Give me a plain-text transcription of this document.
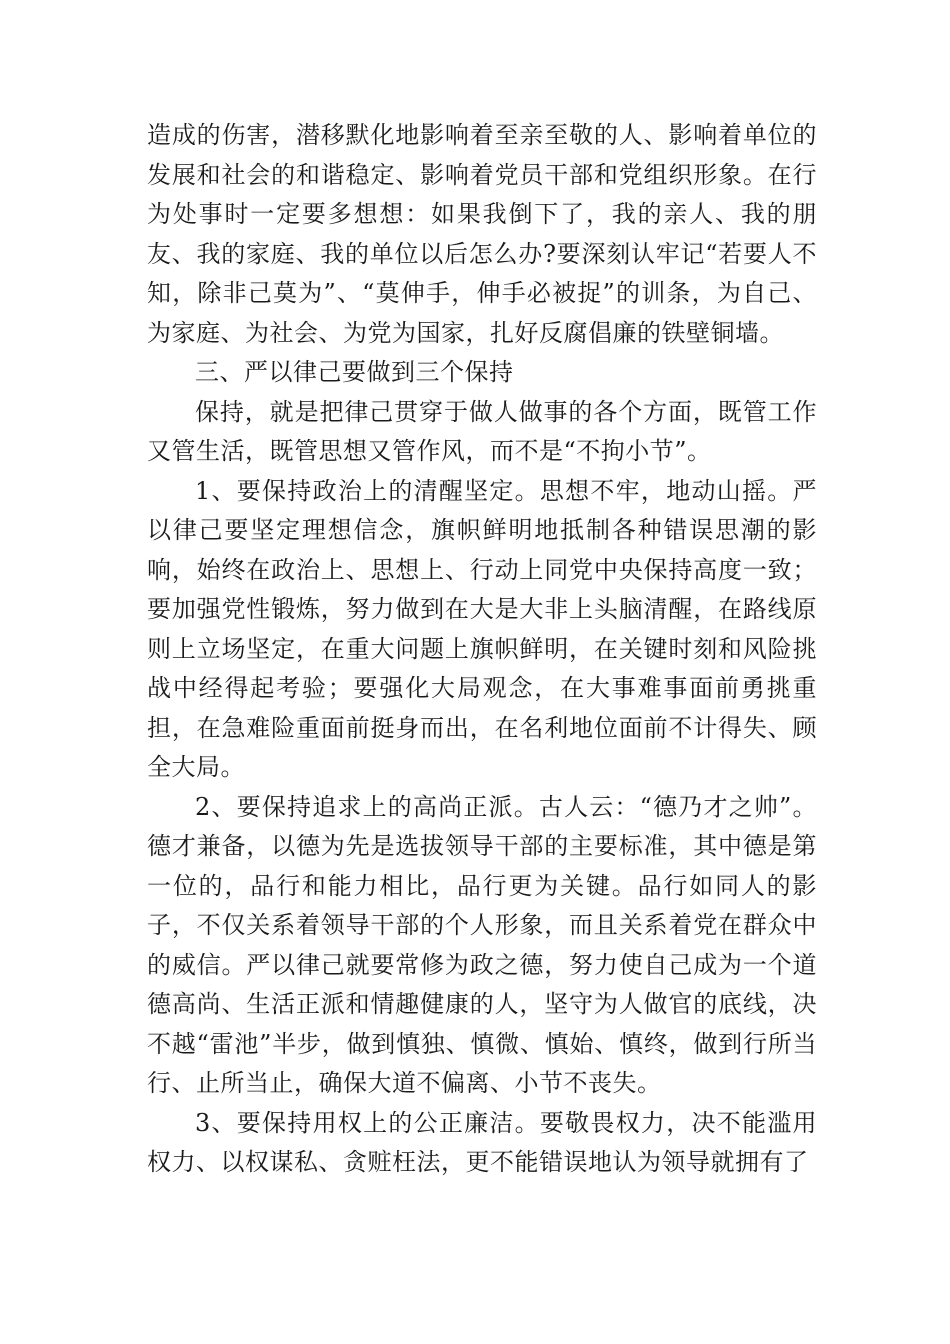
造成的伤害，潜移默化地影响着至亲至敬的人、影响着单位的发展和社会的和谐稳定、影响着党员干部和党组织形象。在行为处事时一定要多想想：如果我倒下了，我的亲人、我的朋友、我的家庭、我的单位以后怎么办?要深刻认牢记“若要人不知，除非己莫为”、“莫伸手，伸手必被捉”的训条，为自己、为家庭、为社会、为党为国家，扎好反腐倡廉的铁壁铜墙。

三、严以律己要做到三个保持

保持，就是把律己贯穿于做人做事的各个方面，既管工作又管生活，既管思想又管作风，而不是“不拘小节”。

1、要保持政治上的清醒坚定。思想不牢，地动山摇。严以律己要坚定理想信念，旗帜鲜明地抵制各种错误思潮的影响，始终在政治上、思想上、行动上同党中央保持高度一致；要加强党性锻炼，努力做到在大是大非上头脑清醒，在路线原则上立场坚定，在重大问题上旗帜鲜明，在关键时刻和风险挑战中经得起考验；要强化大局观念，在大事难事面前勇挑重担，在急难险重面前挺身而出，在名利地位面前不计得失、顾全大局。

2、要保持追求上的高尚正派。古人云：“德乃才之帅”。德才兼备，以德为先是选拔领导干部的主要标准，其中德是第一位的，品行和能力相比，品行更为关键。品行如同人的影子，不仅关系着领导干部的个人形象，而且关系着党在群众中的威信。严以律己就要常修为政之德，努力使自己成为一个道德高尚、生活正派和情趣健康的人，坚守为人做官的底线，决不越“雷池”半步，做到慎独、慎微、慎始、慎终，做到行所当行、止所当止，确保大道不偏离、小节不丧失。

3、要保持用权上的公正廉洁。要敬畏权力，决不能滥用权力、以权谋私、贪赃枉法，更不能错误地认为领导就拥有了
